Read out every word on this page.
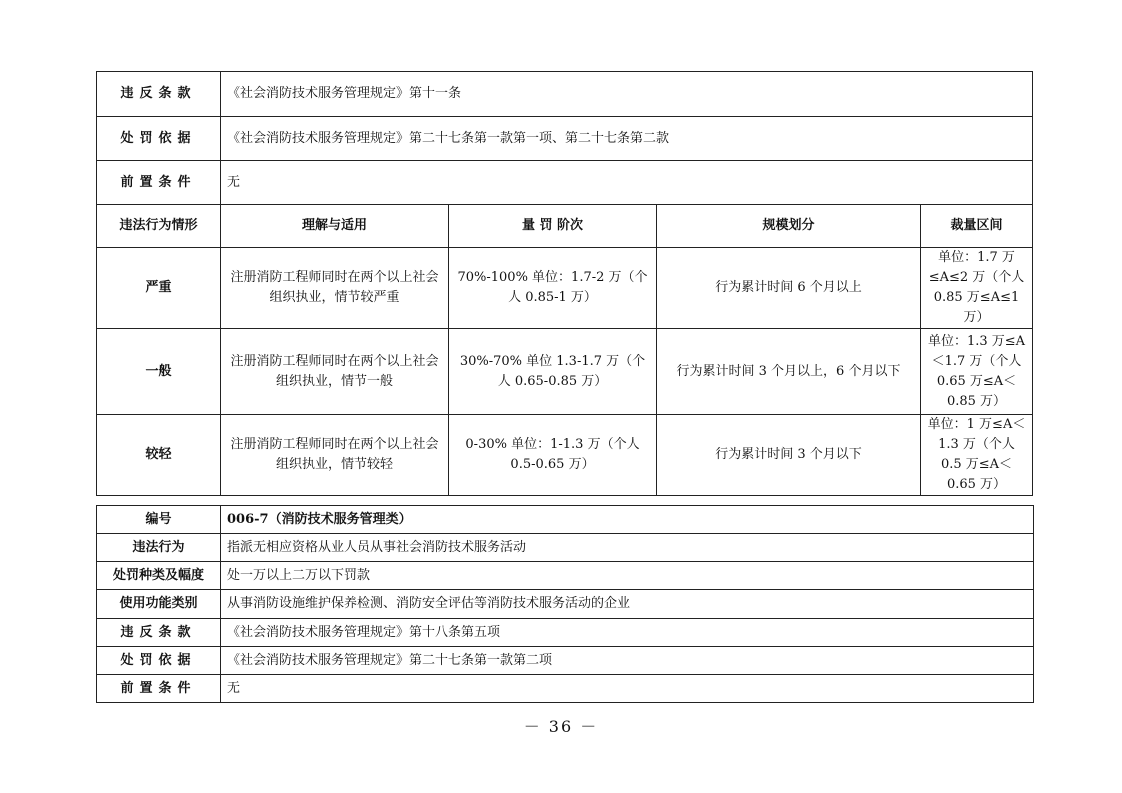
违反条款	《社会消防技术服务管理规定》第十一条			
处罚依据	《社会消防技术服务管理规定》第二十七条第一款第一项、第二十七条第二款			
前置条件	无			
违法行为情形	理解与适用	量 罚 阶次	规模划分	裁量区间
严重	注册消防工程师同时在两个以上社会组织执业，情节较严重	70%-100% 单位：1.7-2 万（个人 0.85-1 万）	行为累计时间 6 个月以上	单位：1.7 万≤A≤2 万（个人 0.85 万≤A≤1 万）
一般	注册消防工程师同时在两个以上社会组织执业，情节一般	30%-70% 单位 1.3-1.7 万（个人 0.65-0.85 万）	行为累计时间 3 个月以上，6 个月以下	单位：1.3 万≤A＜1.7 万（个人 0.65 万≤A＜0.85 万）
较轻	注册消防工程师同时在两个以上社会组织执业，情节较轻	0-30% 单位：1-1.3 万（个人 0.5-0.65 万）	行为累计时间 3 个月以下	单位：1 万≤A＜1.3 万（个人 0.5 万≤A＜0.65 万）
编号	006-7（消防技术服务管理类）
违法行为	指派无相应资格从业人员从事社会消防技术服务活动
处罚种类及幅度	处一万以上二万以下罚款
使用功能类别	从事消防设施维护保养检测、消防安全评估等消防技术服务活动的企业
违反条款	《社会消防技术服务管理规定》第十八条第五项
处罚依据	《社会消防技术服务管理规定》第二十七条第一款第二项
前置条件	无
－ 36 －
